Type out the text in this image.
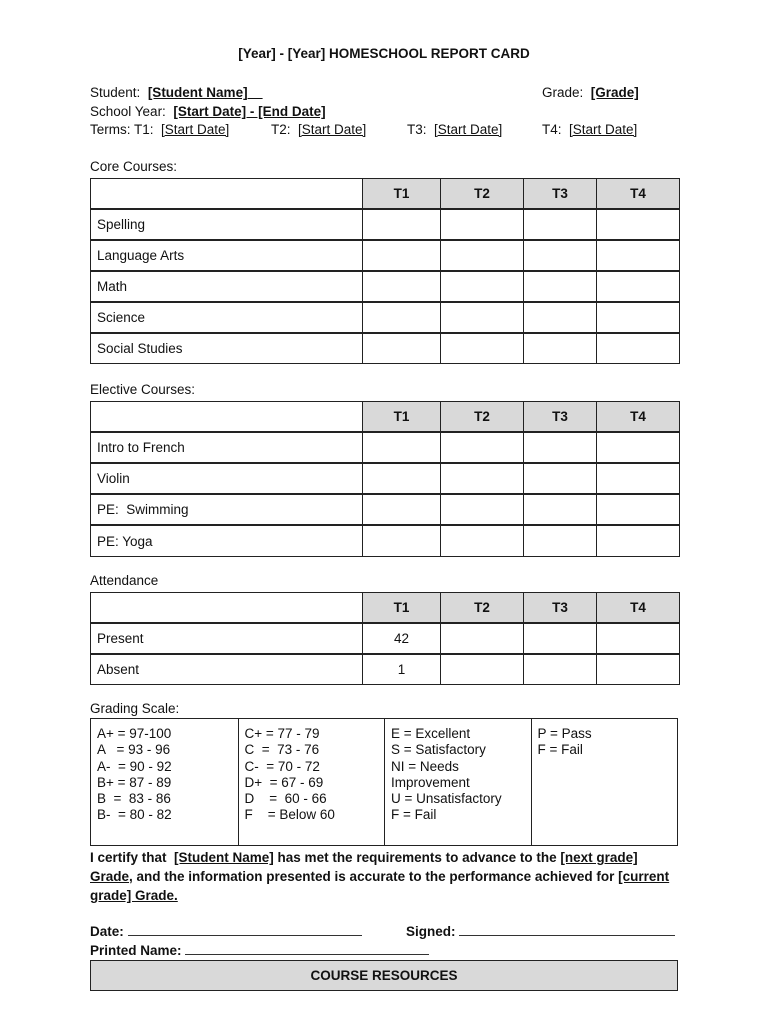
[Year] - [Year] HOMESCHOOL REPORT CARD
Student: [Student Name]	Grade: [Grade]
School Year: [Start Date] - [End Date]
Terms: T1: [Start Date]	T2: [Start Date]	T3: [Start Date]	T4: [Start Date]
Core Courses:
	T1	T2	T3	T4
Spelling				
Language Arts				
Math				
Science				
Social Studies				
Elective Courses:
	T1	T2	T3	T4
Intro to French				
Violin				
PE:  Swimming				
PE: Yoga				
Attendance
	T1	T2	T3	T4
Present	42			
Absent	1			
Grading Scale:
A+ = 97-100
A   = 93 - 96
A-  = 90 - 92
B+ = 87 - 89
B  =  83 - 86
B-  = 80 - 82
C+ = 77 - 79
C  =  73 - 76
C-  = 70 - 72
D+  = 67 - 69
D    =  60 - 66
F    = Below 60
E = Excellent
S = Satisfactory
NI = Needs
Improvement
U = Unsatisfactory
F = Fail
P = Pass
F = Fail
I certify that  [Student Name] has met the requirements to advance to the [next grade] Grade, and the information presented is accurate to the performance achieved for [current grade] Grade.
Date:	Signed:
Printed Name:
COURSE RESOURCES
